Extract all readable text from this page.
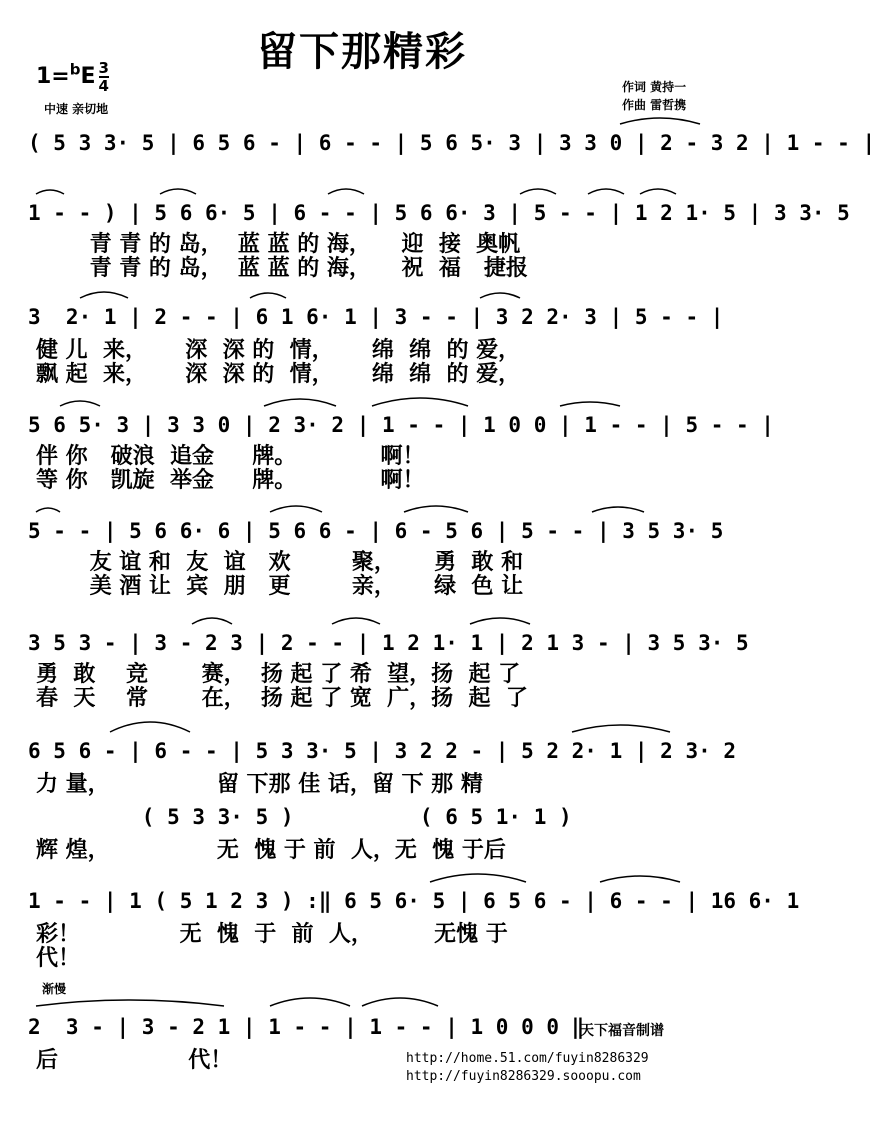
留下那精彩
$1=^bE \frac{3}{4}$
中速 亲切地
作词 黄持一
作曲 雷哲携
( 5 3 3· 5 | 6 5 6 - | 6 - - | 5 6 5· 3 | 3 3 0 | 2 - 3 2 | 1 - - |
1 - - ) | 5 6 6· 5 | 6 - - | 5 6 6· 3 | 5 - - | 1 2 1· 5 | 3 3· 5
青 青 的 岛，  蓝 蓝 的 海，    迎  接  奥帆
青 青 的 岛，  蓝 蓝 的 海，    祝  福   捷报
3  2· 1 | 2 - - | 6 1 6· 1 | 3 - - | 3 2 2· 3 | 5 - - |
健 儿  来，     深  深 的  情，     绵  绵  的 爱，
飘 起  来，     深  深 的  情，     绵  绵  的 爱，
5 6 5· 3 | 3 3 0 | 2 3· 2 | 1 - - | 1 0 0 | 1 - - | 5 - - |
伴 你   破浪  追金     牌。           啊！
等 你   凯旋  举金     牌。           啊！
5 - - | 5 6 6· 6 | 5 6 6 - | 6 - 5 6 | 5 - - | 3 5 3· 5
友 谊 和  友  谊   欢        聚，     勇  敢 和
美 酒 让  宾  朋   更        亲，     绿  色 让
3 5 3 - | 3 - 2 3 | 2 - - | 1 2 1· 1 | 2 1 3 - | 3 5 3· 5
勇  敢    竞       赛，  扬 起 了 希  望，扬  起 了
春  天    常       在，  扬 起 了 宽  广，扬  起  了
6 5 6 - | 6 - - | 5 3 3· 5 | 3 2 2 - | 5 2 2· 1 | 2 3· 2
力 量，              留 下那 佳 话，留 下 那 精
( 5 3 3· 5 )          ( 6 5 1· 1 )
辉 煌，              无  愧 于 前  人，无  愧 于后
1 - - | 1 ( 5 1 2 3 ) :‖ 6 5 6· 5 | 6 5 6 - | 6 - - | 16 6· 1
彩！             无  愧  于  前  人，        无愧 于
代！
渐慢
2  3 - | 3 - 2 1 | 1 - - | 1 - - | 1 0 0 0 ‖
后                 代！
天下福音制谱
http://home.51.com/fuyin8286329
http://fuyin8286329.sooopu.com
